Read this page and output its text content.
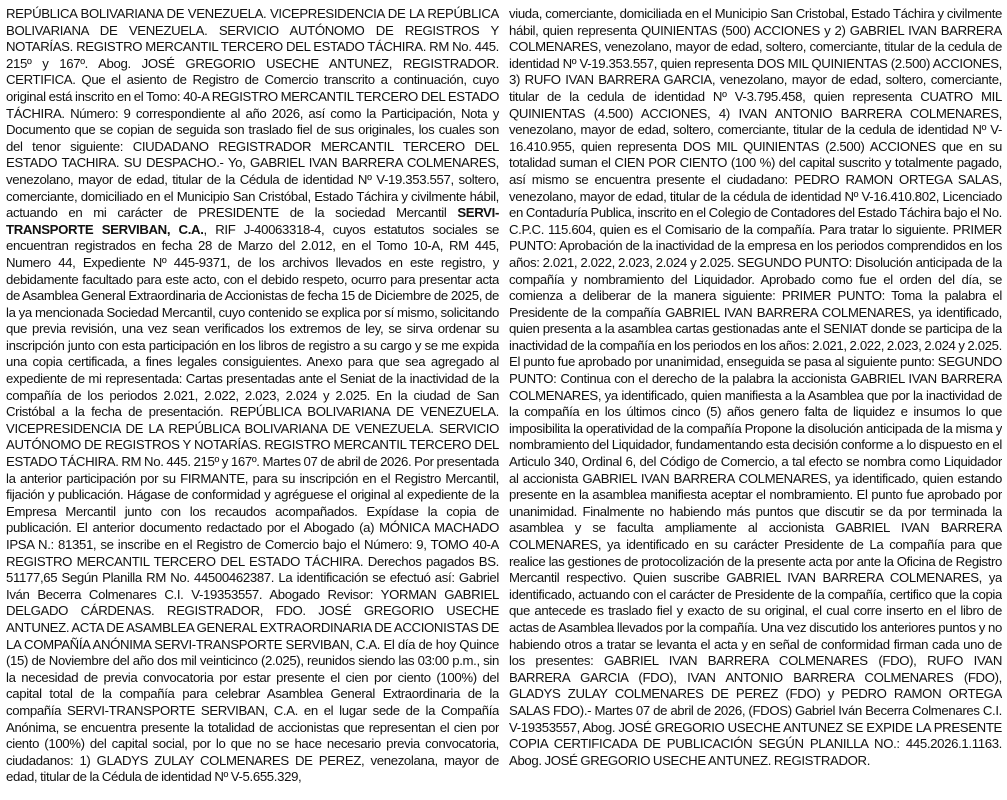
REPÚBLICA BOLIVARIANA DE VENEZUELA. VICEPRESIDENCIA DE LA REPÚBLICA BOLIVARIANA DE VENEZUELA. SERVICIO AUTÓNOMO DE REGISTROS Y NOTARÍAS. REGISTRO MERCANTIL TERCERO DEL ESTADO TÁCHIRA. RM No. 445. 215º y 167º. Abog. JOSÉ GREGORIO USECHE ANTUNEZ, REGISTRADOR. CERTIFICA. Que el asiento de Registro de Comercio transcrito a continuación, cuyo original está inscrito en el Tomo: 40-A REGISTRO MERCANTIL TERCERO DEL ESTADO TÁCHIRA. Número: 9 correspondiente al año 2026, así como la Participación, Nota y Documento que se copian de seguida son traslado fiel de sus originales, los cuales son del tenor siguiente: CIUDADANO REGISTRADOR MERCANTIL TERCERO DEL ESTADO TACHIRA. SU DESPACHO.- Yo, GABRIEL IVAN BARRERA COLMENARES, venezolano, mayor de edad, titular de la Cédula de identidad Nº V-19.353.557, soltero, comerciante, domiciliado en el Municipio San Cristóbal, Estado Táchira y civilmente hábil, actuando en mi carácter de PRESIDENTE de la sociedad Mercantil SERVI-TRANSPORTE SERVIBAN, C.A., RIF J-40063318-4, cuyos estatutos sociales se encuentran registrados en fecha 28 de Marzo del 2.012, en el Tomo 10-A, RM 445, Numero 44, Expediente Nº 445-9371, de los archivos llevados en este registro, y debidamente facultado para este acto, con el debido respeto, ocurro para presentar acta de Asamblea General Extraordinaria de Accionistas de fecha 15 de Diciembre de 2025, de la ya mencionada Sociedad Mercantil, cuyo contenido se explica por sí mismo, solicitando que previa revisión, una vez sean verificados los extremos de ley, se sirva ordenar su inscripción junto con esta participación en los libros de registro a su cargo y se me expida una copia certificada, a fines legales consiguientes. Anexo para que sea agregado al expediente de mi representada: Cartas presentadas ante el Seniat de la inactividad de la compañía de los periodos 2.021, 2.022, 2.023, 2.024 y 2.025. En la ciudad de San Cristóbal a la fecha de presentación. REPÚBLICA BOLIVARIANA DE VENEZUELA. VICEPRESIDENCIA DE LA REPÚBLICA BOLIVARIANA DE VENEZUELA. SERVICIO AUTÓNOMO DE REGISTROS Y NOTARÍAS. REGISTRO MERCANTIL TERCERO DEL ESTADO TÁCHIRA. RM No. 445. 215º y 167º. Martes 07 de abril de 2026. Por presentada la anterior participación por su FIRMANTE, para su inscripción en el Registro Mercantil, fijación y publicación. Hágase de conformidad y agréguese el original al expediente de la Empresa Mercantil junto con los recaudos acompañados. Expídase la copia de publicación. El anterior documento redactado por el Abogado (a) MÓNICA MACHADO IPSA N.: 81351, se inscribe en el Registro de Comercio bajo el Número: 9, TOMO 40-A REGISTRO MERCANTIL TERCERO DEL ESTADO TÁCHIRA. Derechos pagados BS. 51177,65 Según Planilla RM No. 44500462387. La identificación se efectuó así: Gabriel Iván Becerra Colmenares C.I. V-19353557. Abogado Revisor: YORMAN GABRIEL DELGADO CÁRDENAS. REGISTRADOR, FDO. JOSÉ GREGORIO USECHE ANTUNEZ. ACTA DE ASAMBLEA GENERAL EXTRAORDINARIA DE ACCIONISTAS DE LA COMPAÑÍA ANÓNIMA SERVI-TRANSPORTE SERVIBAN, C.A. El día de hoy Quince (15) de Noviembre del año dos mil veinticinco (2.025), reunidos siendo las 03:00 p.m., sin la necesidad de previa convocatoria por estar presente el cien por ciento (100%) del capital total de la compañía para celebrar Asamblea General Extraordinaria de la compañía SERVI-TRANSPORTE SERVIBAN, C.A. en el lugar sede de la Compañía Anónima, se encuentra presente la totalidad de accionistas que representan el cien por ciento (100%) del capital social, por lo que no se hace necesario previa convocatoria, ciudadanos: 1) GLADYS ZULAY COLMENARES DE PEREZ, venezolana, mayor de edad, titular de la Cédula de identidad Nº V-5.655.329,

viuda, comerciante, domiciliada en el Municipio San Cristobal, Estado Táchira y civilmente hábil, quien representa QUINIENTAS (500) ACCIONES y 2) GABRIEL IVAN BARRERA COLMENARES, venezolano, mayor de edad, soltero, comerciante, titular de la cedula de identidad Nº V-19.353.557, quien representa DOS MIL QUINIENTAS (2.500) ACCIONES, 3) RUFO IVAN BARRERA GARCIA, venezolano, mayor de edad, soltero, comerciante, titular de la cedula de identidad Nº V-3.795.458, quien representa CUATRO MIL QUINIENTAS (4.500) ACCIONES, 4) IVAN ANTONIO BARRERA COLMENARES, venezolano, mayor de edad, soltero, comerciante, titular de la cedula de identidad Nº V-16.410.955, quien representa DOS MIL QUINIENTAS (2.500) ACCIONES que en su totalidad suman el CIEN POR CIENTO (100 %) del capital suscrito y totalmente pagado, así mismo se encuentra presente el ciudadano: PEDRO RAMON ORTEGA SALAS, venezolano, mayor de edad, titular de la cédula de identidad Nº V-16.410.802, Licenciado en Contaduría Publica, inscrito en el Colegio de Contadores del Estado Táchira bajo el No. C.P.C. 115.604, quien es el Comisario de la compañía. Para tratar lo siguiente. PRIMER PUNTO: Aprobación de la inactividad de la empresa en los periodos comprendidos en los años: 2.021, 2.022, 2.023, 2.024 y 2.025. SEGUNDO PUNTO: Disolución anticipada de la compañía y nombramiento del Liquidador. Aprobado como fue el orden del día, se comienza a deliberar de la manera siguiente: PRIMER PUNTO: Toma la palabra el Presidente de la compañía GABRIEL IVAN BARRERA COLMENARES, ya identificado, quien presenta a la asamblea cartas gestionadas ante el SENIAT donde se participa de la inactividad de la compañía en los periodos en los años: 2.021, 2.022, 2.023, 2.024 y 2.025. El punto fue aprobado por unanimidad, enseguida se pasa al siguiente punto: SEGUNDO PUNTO: Continua con el derecho de la palabra la accionista GABRIEL IVAN BARRERA COLMENARES, ya identificado, quien manifiesta a la Asamblea que por la inactividad de la compañía en los últimos cinco (5) años genero falta de liquidez e insumos lo que imposibilita la operatividad de la compañía Propone la disolución anticipada de la misma y nombramiento del Liquidador, fundamentando esta decisión conforme a lo dispuesto en el Articulo 340, Ordinal 6, del Código de Comercio, a tal efecto se nombra como Liquidador al accionista GABRIEL IVAN BARRERA COLMENARES, ya identificado, quien estando presente en la asamblea manifiesta aceptar el nombramiento. El punto fue aprobado por unanimidad. Finalmente no habiendo más puntos que discutir se da por terminada la asamblea y se faculta ampliamente al accionista GABRIEL IVAN BARRERA COLMENARES, ya identificado en su carácter Presidente de La compañía para que realice las gestiones de protocolización de la presente acta por ante la Oficina de Registro Mercantil respectivo. Quien suscribe GABRIEL IVAN BARRERA COLMENARES, ya identificado, actuando con el carácter de Presidente de la compañía, certifico que la copia que antecede es traslado fiel y exacto de su original, el cual corre inserto en el libro de actas de Asamblea llevados por la compañía. Una vez discutido los anteriores puntos y no habiendo otros a tratar se levanta el acta y en señal de conformidad firman cada uno de los presentes: GABRIEL IVAN BARRERA COLMENARES (FDO), RUFO IVAN BARRERA GARCIA (FDO), IVAN ANTONIO BARRERA COLMENARES (FDO), GLADYS ZULAY COLMENARES DE PEREZ (FDO) y PEDRO RAMON ORTEGA SALAS FDO).- Martes 07 de abril de 2026, (FDOS) Gabriel Iván Becerra Colmenares C.I. V-19353557, Abog. JOSÉ GREGORIO USECHE ANTUNEZ SE EXPIDE LA PRESENTE COPIA CERTIFICADA DE PUBLICACIÓN SEGÚN PLANILLA NO.: 445.2026.1.1163. Abog. JOSÉ GREGORIO USECHE ANTUNEZ. REGISTRADOR.
